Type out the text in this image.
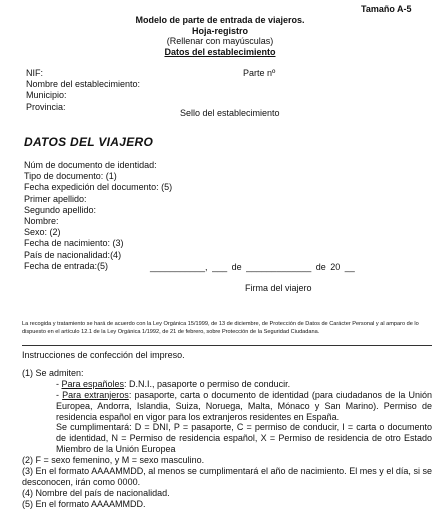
Tamaño A-5
Modelo de parte de entrada de viajeros.
Hoja-registro
(Rellenar con mayúsculas)
Datos del establecimiento
NIF:
Nombre del establecimiento:
Municipio:
Provincia:
Parte nº
Sello del establecimiento
DATOS DEL VIAJERO
Núm de documento de identidad:
Tipo de documento: (1)
Fecha expedición del documento: (5)
Primer apellido:
Segundo apellido:
Nombre:
Sexo: (2)
Fecha de nacimiento: (3)
País de nacionalidad:(4)
Fecha de entrada:(5)	___________, ___ de _____________ de 20 __
Firma del viajero
La recogida y tratamiento se hará de acuerdo con la Ley Orgánica 15/1999, de 13 de diciembre, de Protección de Datos de Carácter Personal y al amparo de lo dispuesto en el artículo 12.1 de la Ley Orgánica 1/1992, de 21 de febrero, sobre Protección de la Seguridad Ciudadana.

Instrucciones de confección del impreso.

(1) Se admiten:

- Para españoles: D.N.I., pasaporte o permiso de conducir.

- Para extranjeros: pasaporte, carta o documento de identidad (para ciudadanos de la Unión Europea, Andorra, Islandia, Suiza, Noruega, Malta, Mónaco y San Marino). Permiso de residencia español en vigor para los extranjeros residentes en España.

Se cumplimentará: D = DNI, P = pasaporte, C = permiso de conducir, I = carta o documento de identidad, N = Permiso de residencia español, X = Permiso de residencia de otro Estado Miembro de la Unión Europea

(2) F = sexo femenino, y M = sexo masculino.

(3) En el formato AAAAMMDD, al menos se cumplimentará el año de nacimiento. El mes y el día, si se desconocen, irán como 0000.

(4) Nombre del país de nacionalidad.

(5) En el formato AAAAMMDD.
